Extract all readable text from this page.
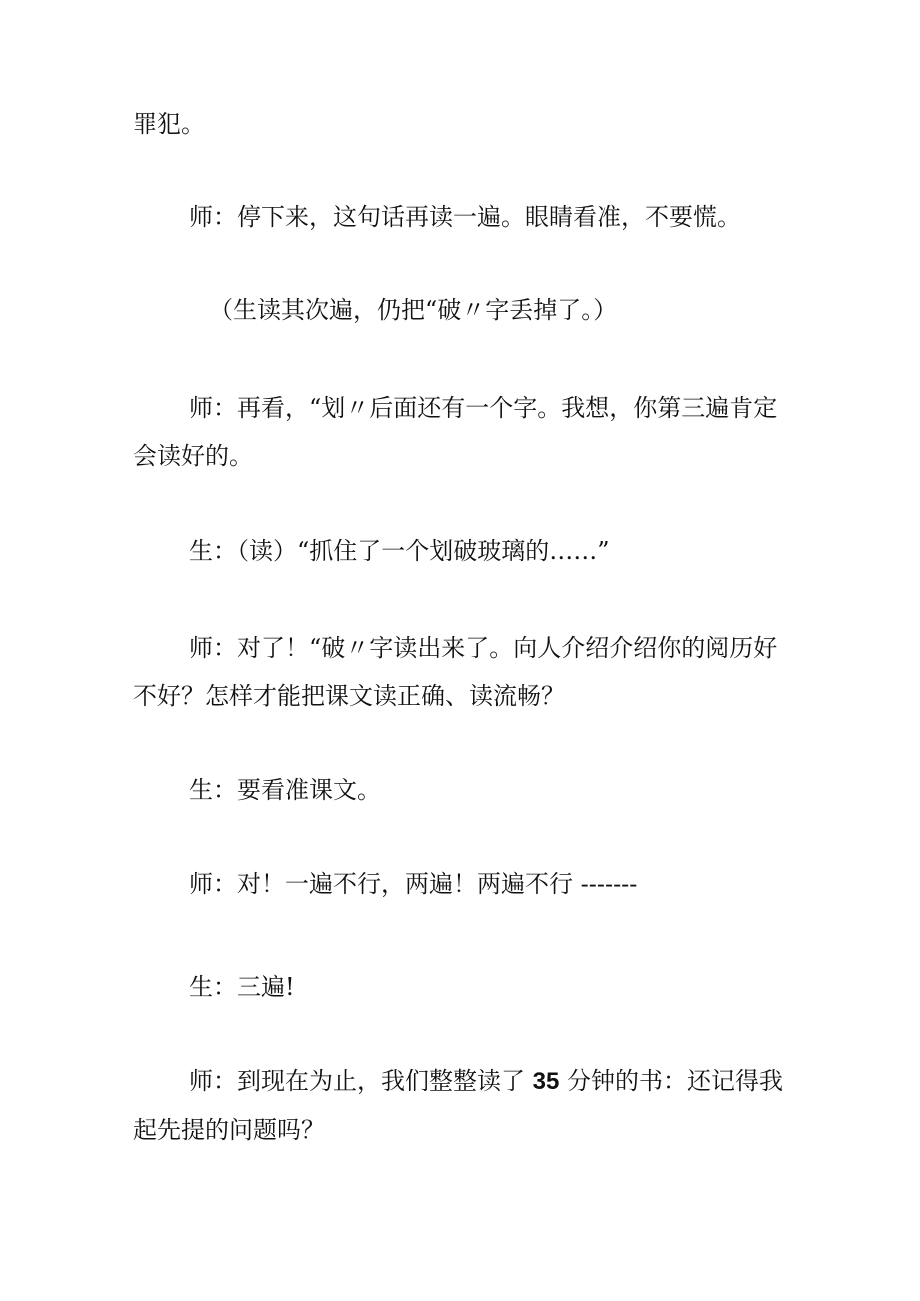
罪犯。

师：停下来，这句话再读一遍。眼睛看准，不要慌。

（生读其次遍，仍把“破〃字丢掉了。）

师：再看，“划〃后面还有一个字。我想，你第三遍肯定会读好的。

生：（读）“抓住了一个划破玻璃的……”

师：对了！“破〃字读出来了。向人介绍介绍你的阅历好不好？怎样才能把课文读正确、读流畅？

生：要看准课文。

师：对！一遍不行，两遍！两遍不行 -------

生：三遍!

师：到现在为止，我们整整读了 35 分钟的书：还记得我起先提的问题吗？
